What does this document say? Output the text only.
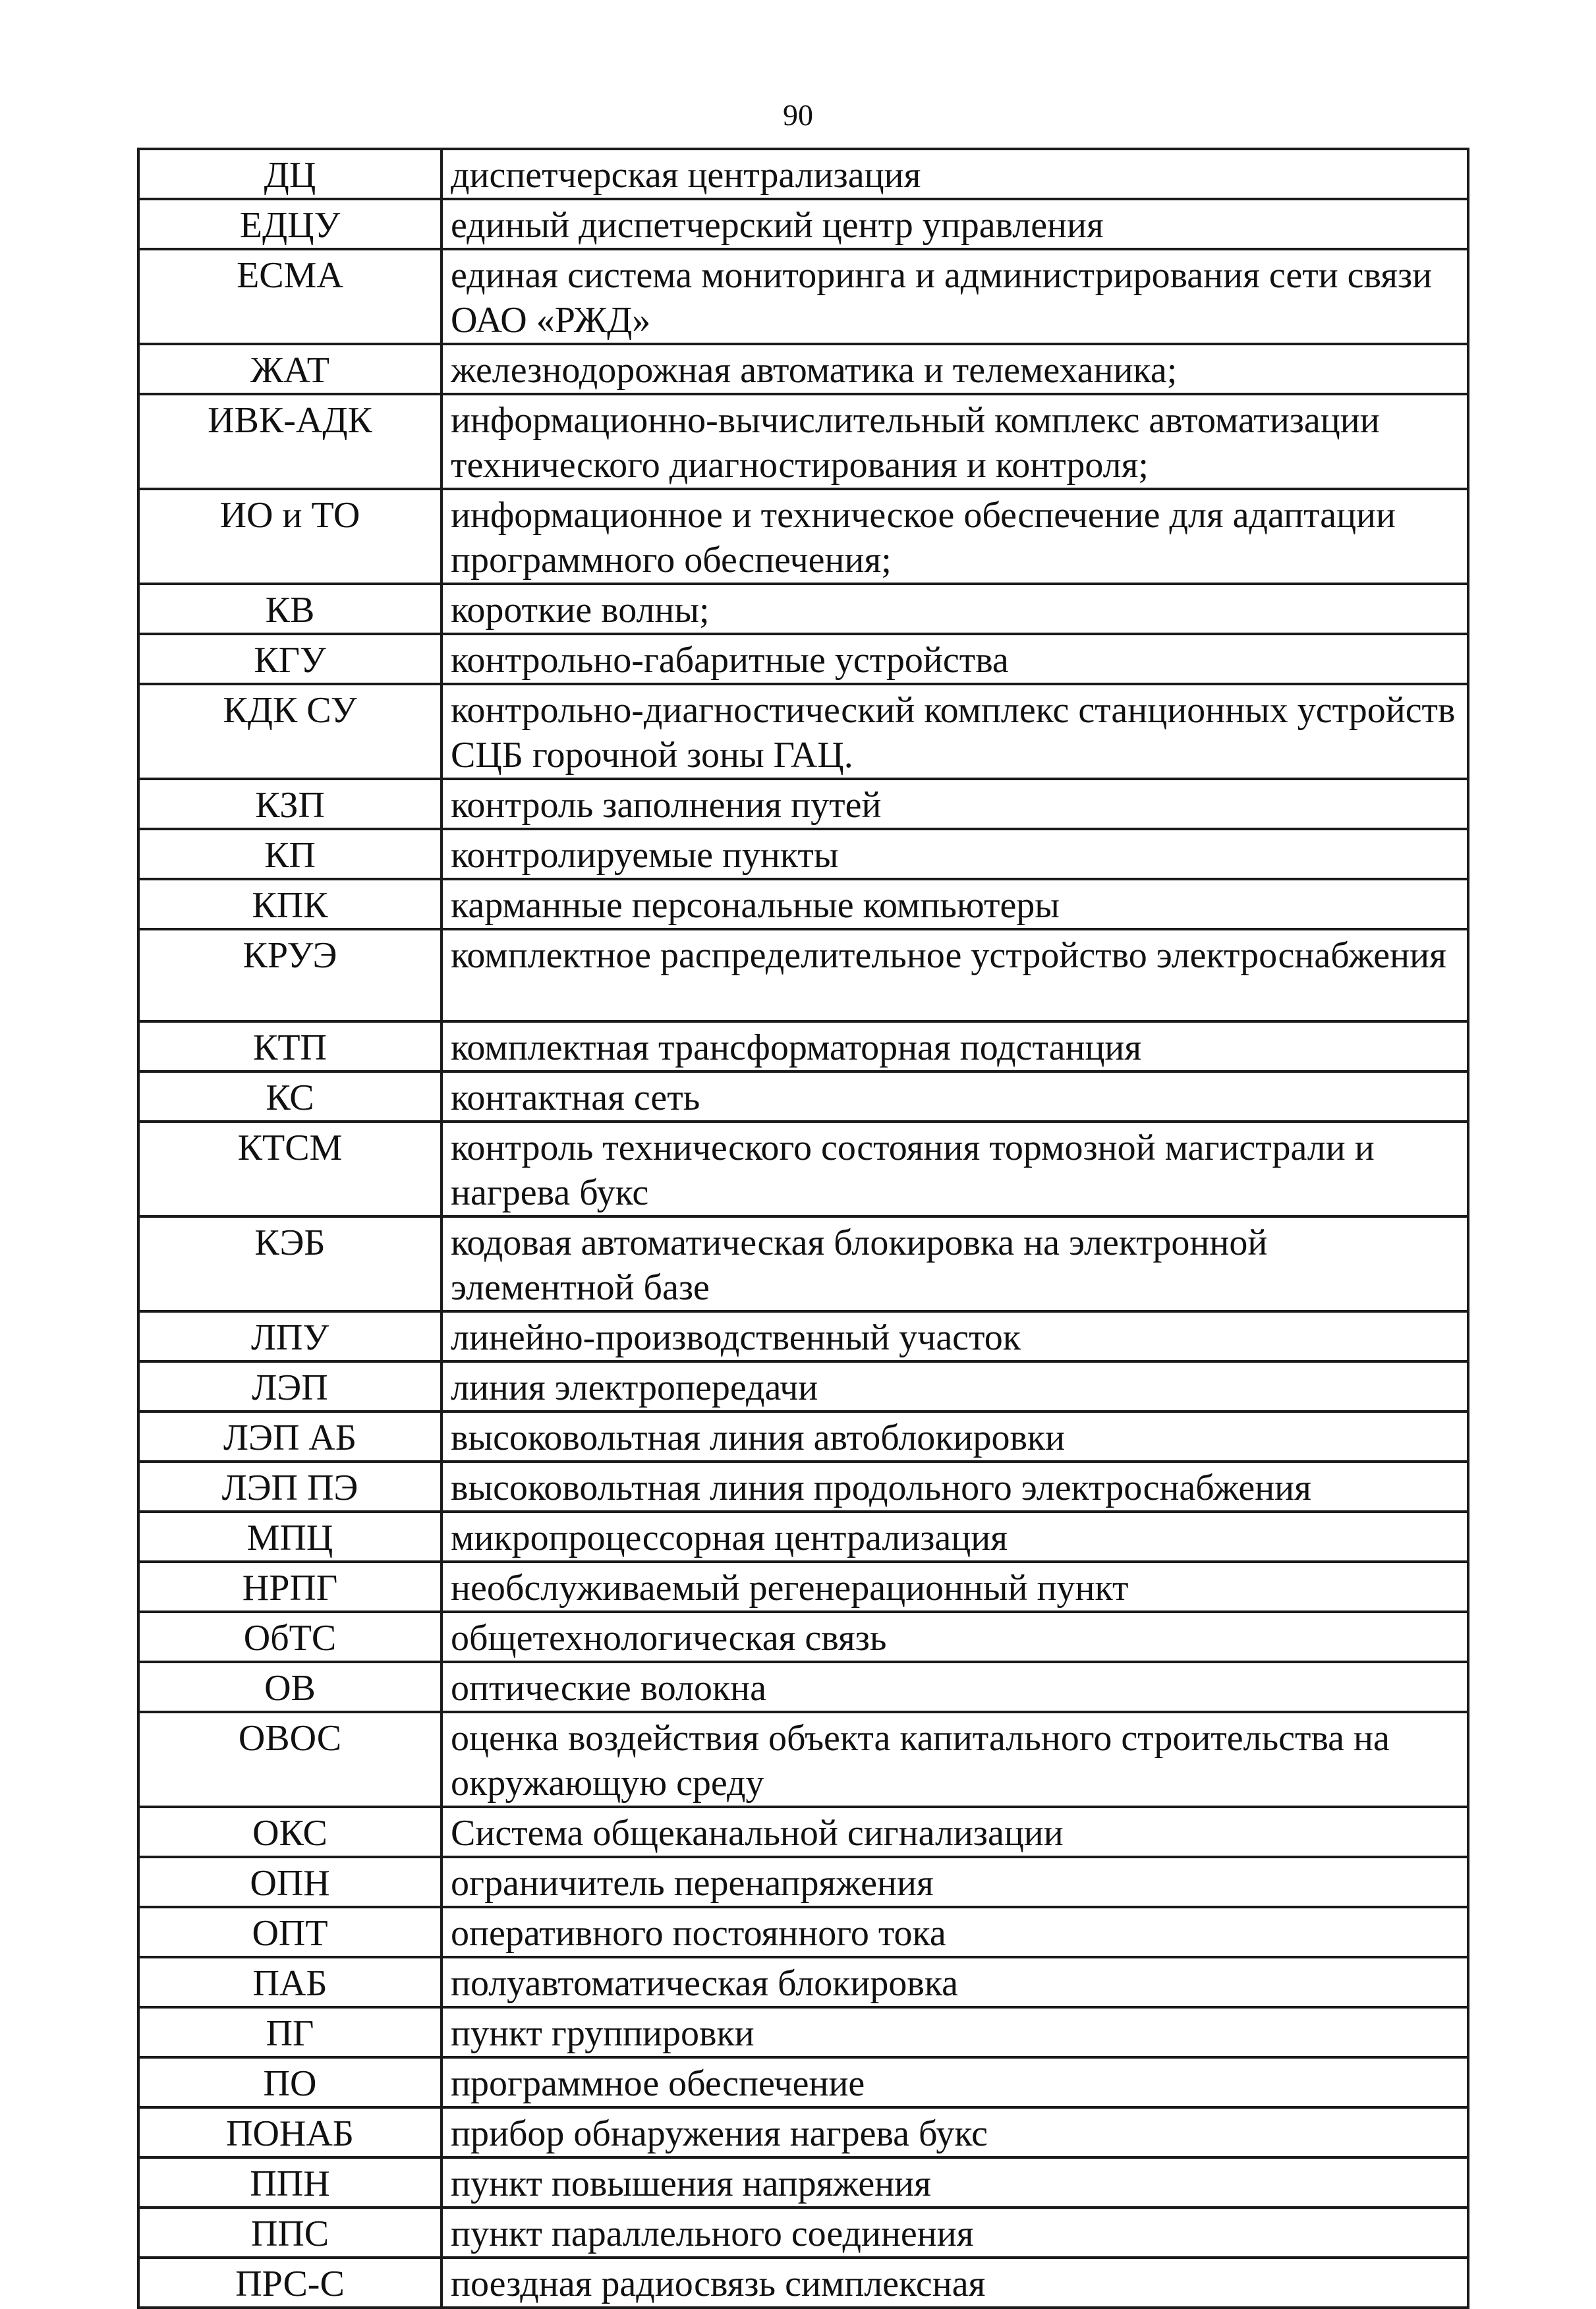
90
ДЦ	диспетчерская централизация
ЕДЦУ	единый диспетчерский центр управления
ЕСМА	единая система мониторинга и администрирования сети связи ОАО «РЖД»
ЖАТ	железнодорожная автоматика и телемеханика;
ИВК-АДК	информационно-вычислительный комплекс автоматизации технического диагностирования и контроля;
ИО и ТО	информационное и техническое обеспечение для адаптации программного обеспечения;
КВ	короткие волны;
КГУ	контрольно-габаритные устройства
КДК СУ	контрольно-диагностический комплекс станционных устройств СЦБ горочной зоны ГАЦ.
КЗП	контроль заполнения путей
КП	контролируемые пункты
КПК	карманные персональные компьютеры
КРУЭ	комплектное распределительное устройство электроснабжения
КТП	комплектная трансформаторная подстанция
КС	контактная сеть
КТСМ	контроль технического состояния тормозной магистрали и нагрева букс
КЭБ	кодовая автоматическая блокировка на электронной элементной базе
ЛПУ	линейно-производственный участок
ЛЭП	линия электропередачи
ЛЭП АБ	высоковольтная линия автоблокировки
ЛЭП ПЭ	высоковольтная линия продольного электроснабжения
МПЦ	микропроцессорная централизация
НРПГ	необслуживаемый регенерационный пункт
ОбТС	общетехнологическая связь
ОВ	оптические волокна
ОВОС	оценка воздействия объекта капитального строительства на окружающую среду
ОКС	Система общеканальной сигнализации
ОПН	ограничитель перенапряжения
ОПТ	оперативного постоянного тока
ПАБ	полуавтоматическая блокировка
ПГ	пункт группировки
ПО	программное обеспечение
ПОНАБ	прибор обнаружения нагрева букс
ППН	пункт повышения напряжения
ППС	пункт параллельного соединения
ПРС-С	поездная радиосвязь симплексная
